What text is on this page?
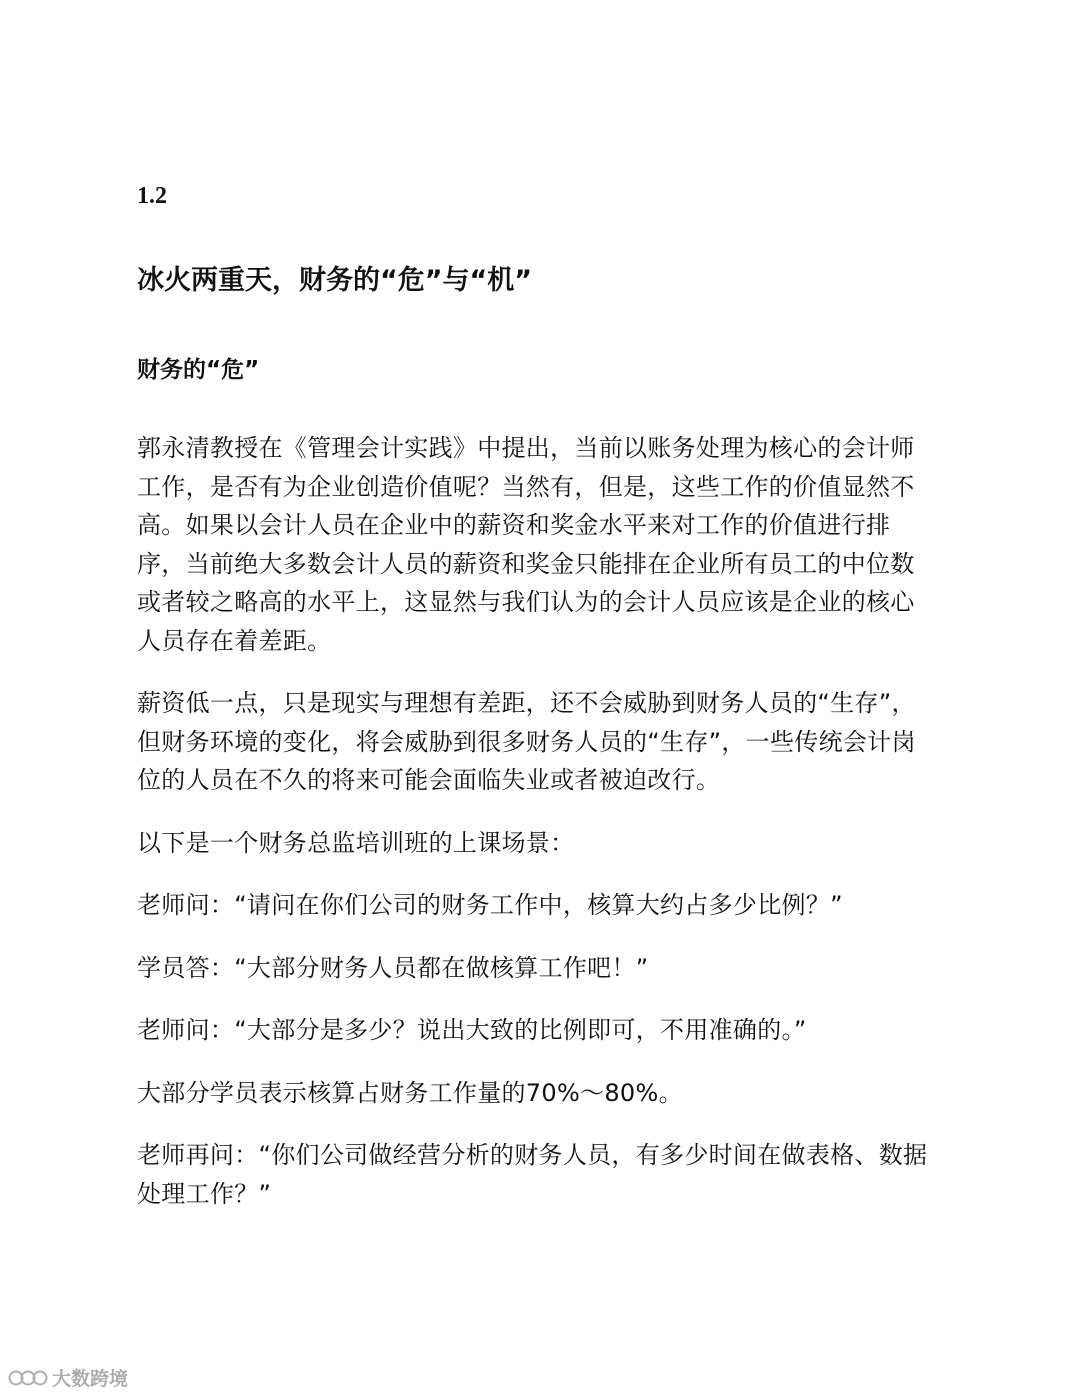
1.2
冰火两重天，财务的“危”与“机”
财务的“危”

郭永清教授在《管理会计实践》中提出，当前以账务处理为核心的会计师工作，是否有为企业创造价值呢？当然有，但是，这些工作的价值显然不高。如果以会计人员在企业中的薪资和奖金水平来对工作的价值进行排序，当前绝大多数会计人员的薪资和奖金只能排在企业所有员工的中位数或者较之略高的水平上，这显然与我们认为的会计人员应该是企业的核心人员存在着差距。

薪资低一点，只是现实与理想有差距，还不会威胁到财务人员的“生存”，但财务环境的变化，将会威胁到很多财务人员的“生存”，一些传统会计岗位的人员在不久的将来可能会面临失业或者被迫改行。

以下是一个财务总监培训班的上课场景：

老师问：“请问在你们公司的财务工作中，核算大约占多少比例？”

学员答：“大部分财务人员都在做核算工作吧！”

老师问：“大部分是多少？说出大致的比例即可，不用准确的。”

大部分学员表示核算占财务工作量的70%～80%。

老师再问：“你们公司做经营分析的财务人员，有多少时间在做表格、数据处理工作？”

大数跨境
